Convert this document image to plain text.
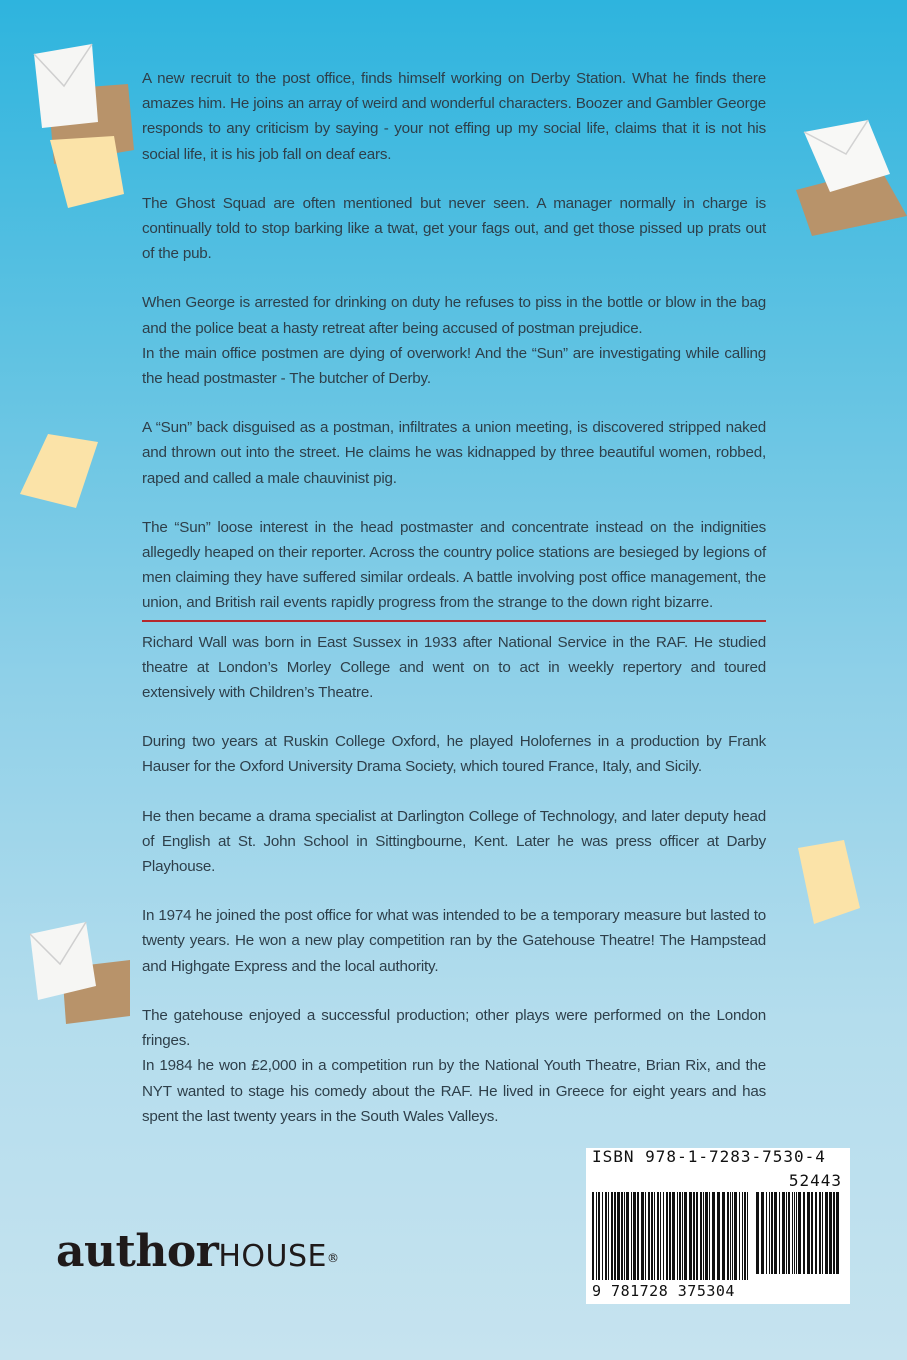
A new recruit to the post office, finds himself working on Derby Station. What he finds there amazes him. He joins an array of weird and wonderful characters. Boozer and Gambler George responds to any criticism by saying - your not effing up my social life, claims that it is not his social life, it is his job fall on deaf ears.

The Ghost Squad are often mentioned but never seen. A manager normally in charge is continually told to stop barking like a twat, get your fags out, and get those pissed up prats out of the pub.

When George is arrested for drinking on duty he refuses to piss in the bottle or blow in the bag and the police beat a hasty retreat after being accused of postman prejudice.

In the main office postmen are dying of overwork! And the “Sun” are investigating while calling the head postmaster - The butcher of Derby.

A “Sun” back disguised as a postman, infiltrates a union meeting, is discovered stripped naked and thrown out into the street. He claims he was kidnapped by three beautiful women, robbed, raped and called a male chauvinist pig.

The “Sun” loose interest in the head postmaster and concentrate instead on the indignities allegedly heaped on their reporter. Across the country police stations are besieged by legions of men claiming they have suffered similar ordeals. A battle involving post office management, the union, and British rail events rapidly progress from the strange to the down right bizarre.

Richard Wall was born in East Sussex in 1933 after National Service in the RAF. He studied theatre at London’s Morley College and went on to act in weekly repertory and toured extensively with Children’s Theatre.

During two years at Ruskin College Oxford, he played Holofernes in a production by Frank Hauser for the Oxford University Drama Society, which toured France, Italy, and Sicily.

He then became a drama specialist at Darlington College of Technology, and later deputy head of English at St. John School in Sittingbourne, Kent. Later he was press officer at Darby Playhouse.

In 1974 he joined the post office for what was intended to be a temporary measure but lasted to twenty years. He won a new play competition ran by the Gatehouse Theatre! The Hampstead and Highgate Express and the local authority.

The gatehouse enjoyed a successful production; other plays were performed on the London fringes.

In 1984 he won £2,000 in a competition run by the National Youth Theatre, Brian Rix, and the NYT wanted to stage his comedy about the RAF. He lived in Greece for eight years and has spent the last twenty years in the South Wales Valleys.

authorHOUSE®
ISBN 978-1-7283-7530-4
52443
9 781728 375304
